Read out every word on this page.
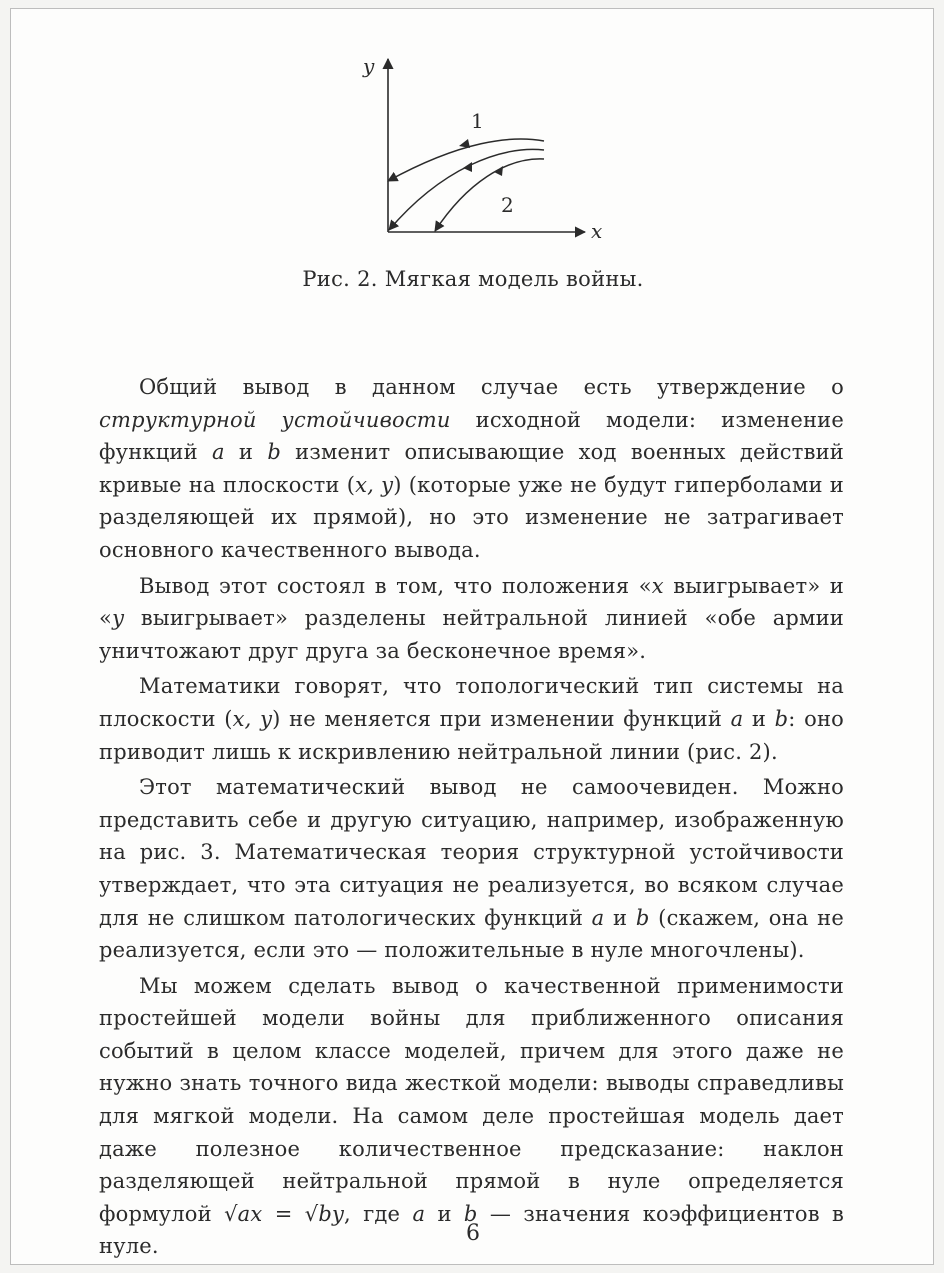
y
x
1
2
Рис. 2. Мягкая модель войны.

Общий вывод в данном случае есть утверждение о структурной устойчивости исходной модели: изменение функций a и b изменит описывающие ход военных действий кривые на плоскости (x, y) (которые уже не будут гиперболами и разделяющей их прямой), но это изменение не затрагивает основного качественного вывода.

Вывод этот состоял в том, что положения «x выигрывает» и «y выигрывает» разделены нейтральной линией «обе армии уничтожают друг друга за бесконечное время».

Математики говорят, что топологический тип системы на плоскости (x, y) не меняется при изменении функций a и b: оно приводит лишь к искривлению нейтральной линии (рис. 2).

Этот математический вывод не самоочевиден. Можно представить себе и другую ситуацию, например, изображенную на рис. 3. Математическая теория структурной устойчивости утверждает, что эта ситуация не реализуется, во всяком случае для не слишком патологических функций a и b (скажем, она не реализуется, если это — положительные в нуле многочлены).

Мы можем сделать вывод о качественной применимости простейшей модели войны для приближенного описания событий в целом классе моделей, причем для этого даже не нужно знать точного вида жесткой модели: выводы справедливы для мягкой модели. На самом деле простейшая модель дает даже полезное количественное предсказание: наклон разделяющей нейтральной прямой в нуле определяется формулой √ax = √by, где a и b — значения коэффициентов в нуле.

6
